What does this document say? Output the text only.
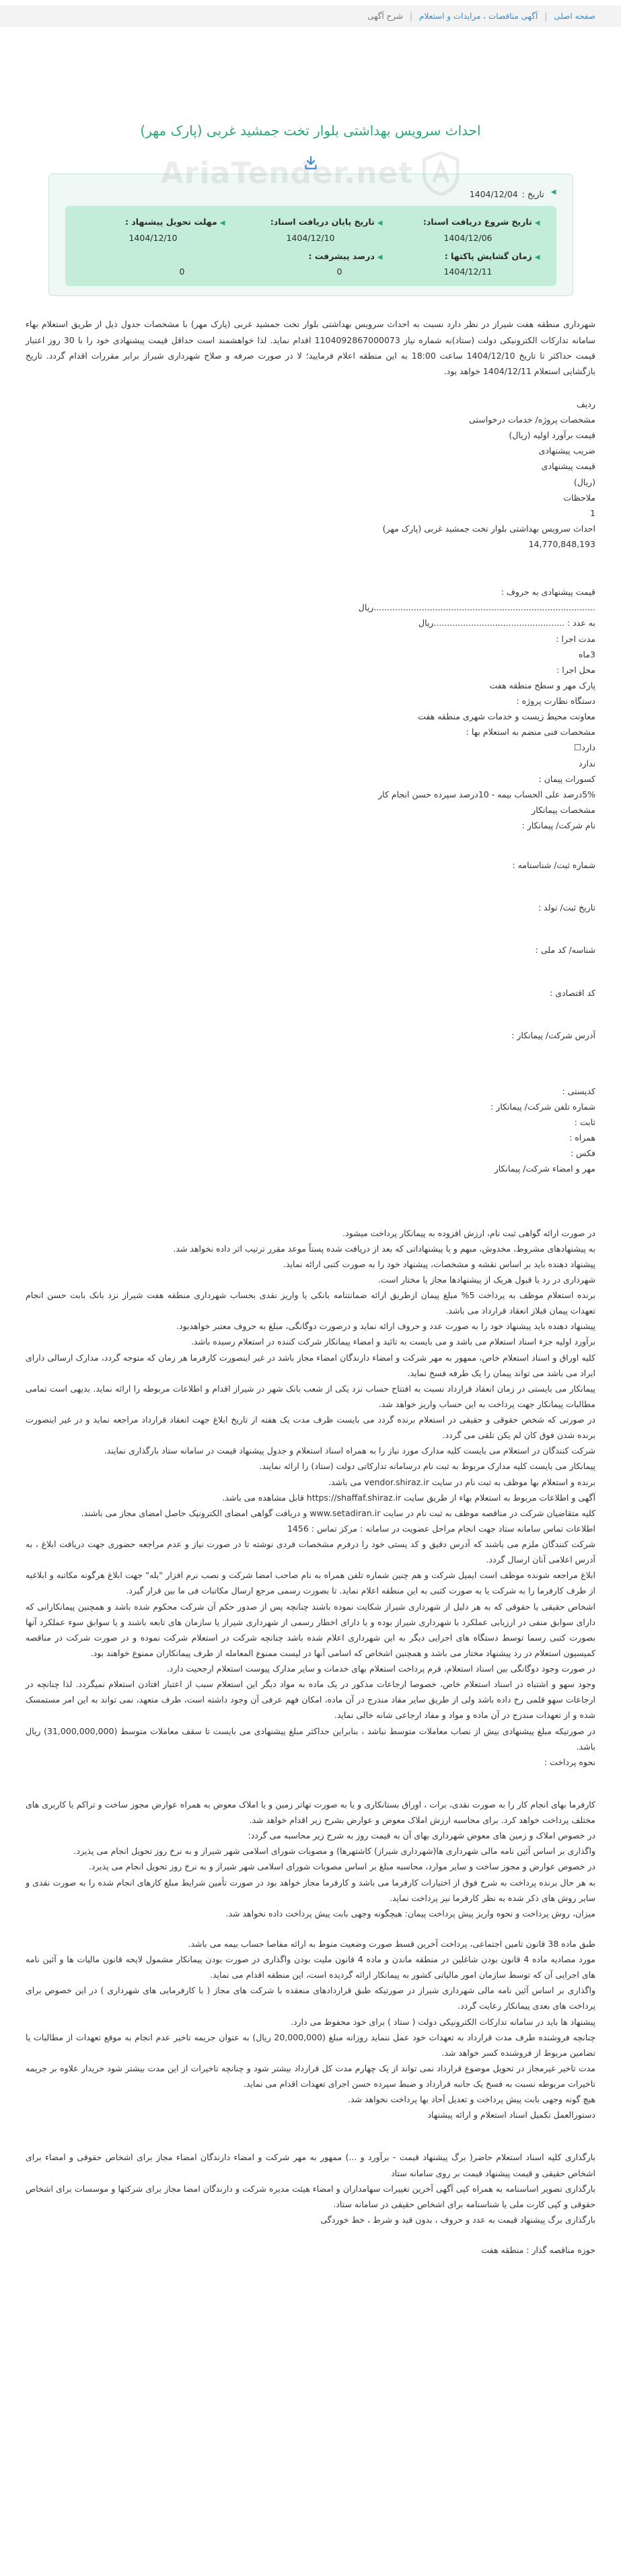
صفحه اصلی
|
آگهی مناقصات ، مزایدات و استعلام
|
شرح آگهی
احداث سرویس بهداشتی بلوار تخت جمشید غربی (پارک مهر)
AriaTender.net
◀
تاریخ :
1404/12/04
◀تاریخ شروع دریافت اسناد:
1404/12/06
◀تاریخ پایان دریافت اسناد:
1404/12/10
◀مهلت تحویل پیشنهاد :
1404/12/10
◀زمان گشایش پاکتها :
1404/12/11
◀درصد پیشرفت :
0

0

شهرداری منطقه هفت شیراز در نظر دارد نسبت به احداث سرویس بهداشتی بلوار تخت جمشید غربی (پارک مهر) با مشخصات جدول ذیل از طریق استعلام بهاء سامانه تدارکات الکترونیکی دولت (ستاد)به شماره نیاز 1104092867000073 اقدام نماید. لذا خواهشمند است حداقل قیمت پیشنهادی خود را با 30 روز اعتبار قیمت حداکثر تا تاریخ 1404/12/10 ساعت 18:00 به این منطقه اعلام فرمایید؛ لا در صورت صرفه و صلاح شهرداری شیراز برابر مقررات اقدام گردد. تاریخ بازگشایی استعلام 1404/12/11 خواهد بود.

ردیف
مشخصات پروژه/ خدمات درخواستی
قیمت برآورد اولیه (ریال)
ضریب پیشنهادی
قیمت پیشنهادی
(ریال)
ملاحظات
1
احداث سرویس بهداشتی بلوار تخت جمشید غربی (پارک مهر)
14,770,848,193
قیمت پیشنهادی به حروف :
...................................................................................ریال
به عدد : .................................................ریال
مدت اجرا :
3ماه
محل اجرا :
پارک مهر و سطح منطقه هفت
دستگاه نظارت پروژه :
معاونت محیط زیست و خدمات شهری منطقه هفت
مشخصات فنی منضم به استعلام بها :
دارد☐
ندارد
کسورات پیمان :
5%درصد علی الحساب بیمه - 10درصد سپرده حسن انجام کار
مشخصات پیمانکار
نام شرکت/ پیمانکار :
شماره ثبت/ شناسنامه :
تاریخ ثبت/ تولد :
شناسه/ کد ملی :
کد اقتصادی :
آدرس شرکت/ پیمانکار :
کدپستی :
شماره تلفن شرکت/ پیمانکار :
ثابت :
همراه :
فکس :
مهر و امضاء شرکت/ پیمانکار
در صورت ارائه گواهی ثبت نام، ارزش افزوده به پیمانکار پرداخت میشود.
به پیشنهادهای مشروط، مخدوش، مبهم و یا پیشنهاداتی که بعد از دریافت شده پستاً موعد مقرر ترتیب اثر داده نخواهد شد.
پیشنهاد دهنده باید بر اساس نقشه و مشخصات، پیشنهاد خود را به صورت کتبی ارائه نماید.
شهرداری در رد یا قبول هریک از پیشنهادها مجاز یا مختار است.
برنده استعلام موظف به پرداخت 5% مبلغ پیمان ازطریق ارائه ضمانتنامه بانکی یا واریز نقدی بحساب شهرداری منطقه هفت شیراز نزد بانک بابت حسن انجام تعهدات پیمان قبلاز انعقاد قرارداد می باشد.
پیشنهاد دهنده باید پیشنهاد خود را به صورت عدد و حروف ارائه نماید و درصورت دوگانگی، مبلغ به حروف معتبر خواهدبود.
برآورد اولیه جزء اسناد استعلام می باشد و می بایست به تائید و امضاء پیمانکار شرکت کننده در استعلام رسیده باشد.
کلیه اوراق و اسناد استعلام خاص، ممهور به مهر شرکت و امضاء دارندگان امضاء مجاز باشد در غیر اینصورت کارفرما هر زمان که متوجه گردد، مدارک ارسالی دارای ایراد می باشد می تواند پیمان را یک طرفه فسخ نماید.
پیمانکار می بایستی در زمان انعقاد قرارداد نسبت به افتتاح حساب نزد یکی از شعب بانک شهر در شیراز اقدام و اطلاعات مربوطه را ارائه نماید. بدیهی است تمامی مطالبات پیمانکار جهت پرداخت به این حساب واریز خواهد شد.
در صورتی که شخص حقوقی و حقیقی در استعلام برنده گردد می بایست ظرف مدت یک هفته از تاریخ ابلاغ جهت انعقاد قرارداد مراجعه نماید و در غیر اینصورت برنده شدن فوق کان لم یکن تلقی می گردد.
شرکت کنندگان در استعلام می بایست کلیه مدارک مورد نیاز را به همراه اسناد استعلام و جدول پیشنهاد قیمت در سامانه ستاد بارگذاری نمایند.
پیمانکار می بایست کلیه مدارک مربوط به ثبت نام درسامانه تدارکاتی دولت (ستاد) را ارائه نمایند.
برنده و استعلام بها موظف به ثبت نام در سایت vendor.shiraz.ir می باشد.
آگهی و اطلاعات مربوط به استعلام بهاء از طریق سایت https://shaffaf.shiraz.ir قابل مشاهده می باشد.
کلیه متقاضیان شرکت در مناقصه موظف به ثبت نام در سایت www.setadiran.ir و دریافت گواهی امضای الکترونیک حاصل امضای مجاز می باشند.
اطلاعات تماس سامانه ستاد جهت انجام مراحل عضویت در سامانه : مرکز تماس : 1456
شرکت کنندگان ملزم می باشند که آدرس دقیق و کد پستی خود را درفرم مشخصات فردی نوشته تا در صورت نیاز و عدم مراجعه حضوری جهت دریافت ابلاغ ، به آدرس اعلامی آنان ارسال گردد.
ابلاغ مراجعه شونده موظف است ایمیل شرکت و هم چنین شماره تلفن همراه به نام صاحب امضا شرکت و نصب نرم افزار "بله" جهت ابلاغ هرگونه مکاتبه و ابلاغیه از طرف کارفرما را به شرکت یا به صورت کتبی به این منطقه اعلام نماید. تا بصورت رسمی مرجع ارسال مکاتبات فی ما بین قرار گیرد.
اشخاص حقیقی یا حقوقی که به هر دلیل از شهرداری شیراز شکایت نموده باشند چنانچه پس از صدور حکم آن شرکت محکوم شده باشد و همچنین پیمانکارانی که دارای سوابق منفی در ارزیابی عملکرد با شهرداری شیراز بوده و یا دارای اخطار رسمی از شهرداری شیراز یا سازمان های تابعه باشند و یا سوابق سوء عملکرد آنها بصورت کتبی رسما توسط دستگاه های اجرایی دیگر به این شهرداری اعلام شده باشد چنانچه شرکت در استعلام شرکت نموده و در صورت شرکت در مناقصه کمیسیون استعلام در رد پیشنهاد مختار می باشد و همچنین اشخاص که اسامی آنها در لیست ممنوع المعامله از طرف پیمانکاران ممنوع خواهند بود.
در صورت وجود دوگانگی بین اسناد استعلام، قرم پرداخت استعلام بهای خدمات و سایر مدارک پیوست استعلام ارجحیت دارد.
وجود سهو و اشتباه در اسناد استعلام خاص، خصوصا ارجاعات مذکور در یک ماده به مواد دیگر این استعلام سبب از اعتبار افتادن استعلام نمیگردد. لذا چنانچه در ارجاعات سهو قلمی رخ داده باشد ولی از طریق سایر مفاد مندرج در آن ماده، امکان فهم عرفی آن وجود داشته است، طرف متعهد، نمی تواند به این امر مستمسک شده و از تعهدات مندرج در آن ماده و مواد و مفاد ارجاعی شانه خالی نماید.
در صورتیکه مبلغ پیشنهادی بیش از نصاب معاملات متوسط نباشد ، بنابراین حداکثر مبلغ پیشنهادی می بایست تا سقف معاملات متوسط (31,000,000,000) ریال باشد.
نحوه پرداخت :
کارفرما بهای انجام کار را به صورت نقدی، برات ، اوراق بستانکاری و یا به صورت تهاتر زمین و یا املاک معوض به همراه عوارض مجوز ساخت و تراکم یا کاربری های مختلف پرداخت خواهد کرد. برای محاسبه ارزش املاک معوض و عوارض بشرح زیر اقدام خواهد شد.
در خصوص املاک و زمین های معوض شهرداری بهای آن به قیمت روز به شرح زیر محاسبه می گردد:
واگذاری بر اساس آئین نامه مالی شهرداری ها(شهرداری شیراز) کاشتهرها) و مصوبات شورای اسلامی شهر شیراز و به نرخ روز تحویل انجام می پذیرد.
در خصوص عوارض و مجوز ساخت و سایر موارد، محاسبه مبلغ بر اساس مصوبات شورای اسلامی شهر شیراز و به نرخ روز تحویل انجام می پذیرد.
به هر حال برنده پرداخت به شرح فوق از اختیارات کارفرما می باشد و کارفرما مجاز خواهد بود در صورت تأمین شرایط مبلغ کارهای انجام شده را به صورت نقدی و سایر روش های ذکر شده به نظر کارفرما نیز پرداخت نماید.
میزان، روش پرداخت و نحوه واریز پیش پرداخت پیمان: هیچگونه وجهی بابت پیش پرداخت داده نخواهد شد.
طبق ماده 38 قانون تامین اجتماعی، پرداخت آخرین قسط صورت وضعیت منوط به ارائه مفاصا حساب بیمه می باشد.
مورد مصادیه ماده 4 قانون بودن شاغلین در منطقه ماندن و ماده 4 قانون ملیت بودن واگذاری در صورت بودن پیمانکار مشمول لایحه قانون مالیات ها و آئین نامه های اجرایی آن که توسط سازمان امور مالیاتی کشور به پیمانکار ارائه گردیده است، این منطقه اقدام می نماید.
واگذاری بر اساس آئین نامه مالی شهرداری شیراز در صورتیکه طبق قراردادهای منعقده با شرکت های مجاز ( با کارفرمایی های شهرداری ) در این خصوص برای پرداخت های بعدی پیمانکار رعایت گردد.
پیشنهاد ها باید در سامانه تدارکات الکترونیکی دولت ( ستاد ) برای خود محفوظ می دارد.
چنانچه فروشنده طرف مدت قرارداد به تعهدات خود عمل ننماید روزانه مبلغ (20,000,000 ریال) به عنوان جریمه تاخیر عدم انجام به موقع تعهدات از مطالبات یا تضامین مربوط از فروشنده کسر خواهد شد.
مدت تاخیر غیرمجاز در تحویل موضوع قرارداد نمی تواند از یک چهارم مدت کل قرارداد بیشتر شود و چنانچه تاخیرات از این مدت بیشتر شود خریدار علاوه بر جریمه تاخیرات مربوطه نسبت به فسخ یک جانبه قرارداد و ضبط سپرده حسن اجرای تعهدات اقدام می نماید.
هیچ گونه وجهی بابت پیش پرداخت و تعدیل آحاد بها پرداخت نخواهد شد.
دستورالعمل تکمیل اسناد استعلام و ارائه پیشنهاد
بارگذاری کلیه اسناد استعلام حاضر( برگ پیشنهاد قیمت - برآورد و ...) ممهور به مهر شرکت و امضاء دارندگان امضاء مجاز برای اشخاص حقوقی و امضاء برای اشخاص حقیقی و قیمت پیشنهاد قیمت بر روی سامانه ستاد
بارگذاری تصویر اساسنامه به همراه کپی آگهی آخرین تغییرات سهامداران و امضاء هیئت مدیره شرکت و دارندگان امضا مجاز برای شرکتها و موسسات برای اشخاص حقوقی و کپی کارت ملی یا شناسنامه برای اشخاص حقیقی در سامانه ستاد.
بارگذاری برگ پیشنهاد قیمت به عدد و حروف ، بدون قید و شرط ، خط خوردگی
حوزه مناقصه گذار : منطقه هفت
